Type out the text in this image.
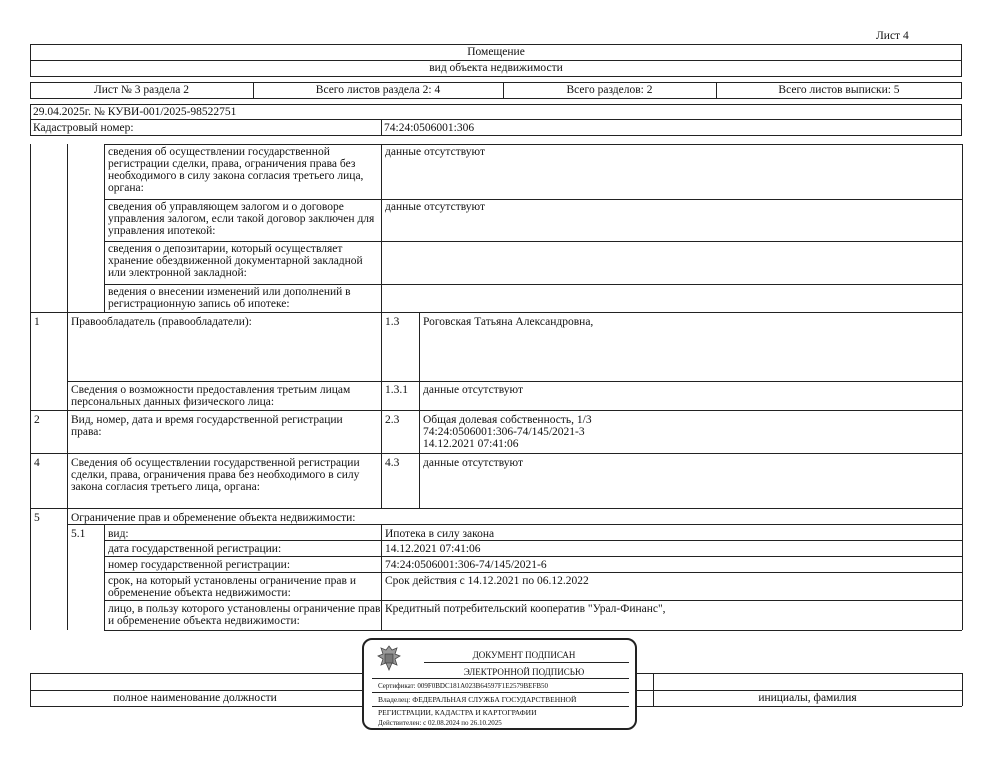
Лист 4
Помещение
вид объекта недвижимости
Лист № 3 раздела 2	Всего листов раздела 2: 4	Всего разделов: 2	Всего листов выписки: 5
29.04.2025г. № КУВИ-001/2025-98522751
Кадастровый номер:	74:24:0506001:306
сведения об осуществлении государственной регистрации сделки, права, ограничения права без необходимого в силу закона согласия третьего лица, органа:
данные отсутствуют
сведения об управляющем залогом и о договоре управления залогом, если такой договор заключен для управления ипотекой:
данные отсутствуют
сведения о депозитарии, который осуществляет хранение обездвиженной документарной закладной или электронной закладной:
ведения о внесении изменений или дополнений в регистрационную запись об ипотеке:
1	Правообладатель (правообладатели):	1.3 Роговская Татьяна Александровна,
Сведения о возможности предоставления третьим лицам персональных данных физического лица:
1.3.1 данные отсутствуют
2	Вид, номер, дата и время государственной регистрации права:
2.3 Общая долевая собственность, 1/3
74:24:0506001:306-74/145/2021-3
14.12.2021 07:41:06
4	Сведения об осуществлении государственной регистрации сделки, права, ограничения права без необходимого в силу закона согласия третьего лица, органа:
4.3 данные отсутствуют
5	Ограничение прав и обременение объекта недвижимости:
5.1 вид:	Ипотека в силу закона
дата государственной регистрации:	14.12.2021 07:41:06
номер государственной регистрации:	74:24:0506001:306-74/145/2021-6
срок, на который установлены ограничение прав и обременение объекта недвижимости:
Срок действия с 14.12.2021 по 06.12.2022
лицо, в пользу которого установлены ограничение прав и обременение объекта недвижимости:
Кредитный потребительский кооператив "Урал-Финанс",
полное наименование должности	инициалы, фамилия
ДОКУМЕНТ ПОДПИСАН
ЭЛЕКТРОННОЙ ПОДПИСЬЮ
Сертификат: 009F0BDC181A023B64597F1E2579BEFB50
Владелец: ФЕДЕРАЛЬНАЯ СЛУЖБА ГОСУДАРСТВЕННОЙ
РЕГИСТРАЦИИ, КАДАСТРА И КАРТОГРАФИИ
Действителен: с 02.08.2024 по 26.10.2025
